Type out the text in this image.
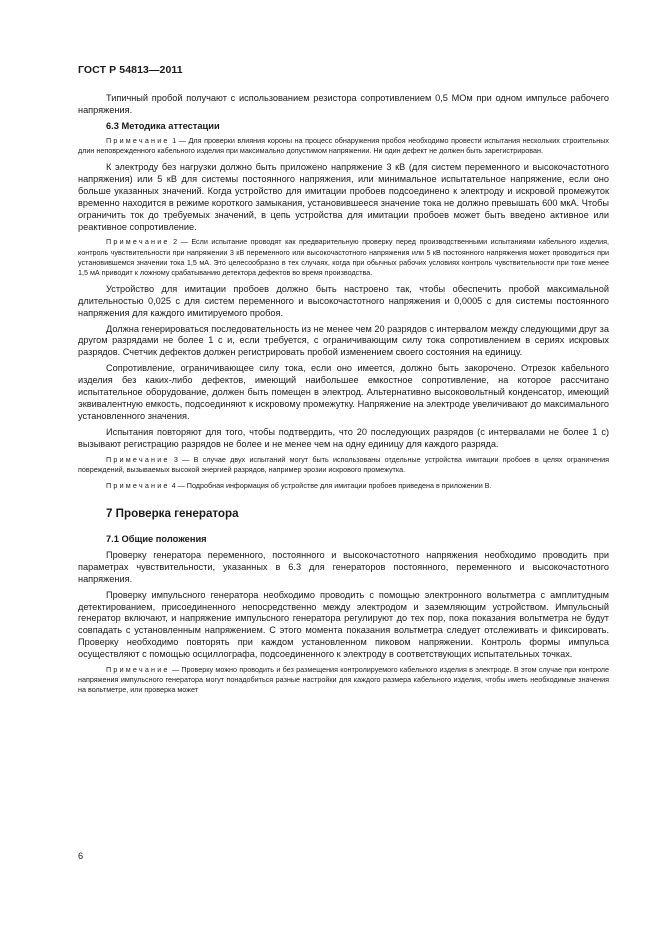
ГОСТ Р 54813—2011

Типичный пробой получают с использованием резистора сопротивлением 0,5 МОм при одном импульсе рабочего напряжения.

6.3 Методика аттестации

Примечание 1 — Для проверки влияния короны на процесс обнаружения пробоя необходимо провести испытания нескольких строительных длин неповрежденного кабельного изделия при максимально допустимом напряжении. Ни один дефект не должен быть зарегистрирован.

К электроду без нагрузки должно быть приложено напряжение 3 кВ (для систем переменного и высокочастотного напряжения) или 5 кВ для системы постоянного напряжения, или минимальное испытательное напряжение, если оно больше указанных значений. Когда устройство для имитации пробоев подсоединено к электроду и искровой промежуток временно находится в режиме короткого замыкания, установившееся значение тока не должно превышать 600 мкА. Чтобы ограничить ток до требуемых значений, в цепь устройства для имитации пробоев может быть введено активное или реактивное сопротивление.

Примечание 2 — Если испытание проводят как предварительную проверку перед производственными испытаниями кабельного изделия, контроль чувствительности при напряжении 3 кВ переменного или высокочастотного напряжения или 5 кВ постоянного напряжения может проводиться при установившемся значении тока 1,5 мА. Это целесообразно в тех случаях, когда при обычных рабочих условиях контроль чувствительности при токе менее 1,5 мА приводит к ложному срабатыванию детектора дефектов во время производства.

Устройство для имитации пробоев должно быть настроено так, чтобы обеспечить пробой максимальной длительностью 0,025 с для систем переменного и высокочастотного напряжения и 0,0005 с для системы постоянного напряжения для каждого имитируемого пробоя.

Должна генерироваться последовательность из не менее чем 20 разрядов с интервалом между следующими друг за другом разрядами не более 1 с и, если требуется, с ограничивающим силу тока сопротивлением в сериях искровых разрядов. Счетчик дефектов должен регистрировать пробой изменением своего состояния на единицу.

Сопротивление, ограничивающее силу тока, если оно имеется, должно быть закорочено. Отрезок кабельного изделия без каких-либо дефектов, имеющий наибольшее емкостное сопротивление, на которое рассчитано испытательное оборудование, должен быть помещен в электрод. Альтернативно высоковольтный конденсатор, имеющий эквивалентную емкость, подсоединяют к искровому промежутку. Напряжение на электроде увеличивают до максимального установленного значения.

Испытания повторяют для того, чтобы подтвердить, что 20 последующих разрядов (с интервалами не более 1 с) вызывают регистрацию разрядов не более и не менее чем на одну единицу для каждого разряда.

Примечание 3 — В случае двух испытаний могут быть использованы отдельные устройства имитации пробоев в целях ограничения повреждений, вызываемых высокой энергией разрядов, например эрозии искрового промежутка.

Примечание 4 — Подробная информация об устройстве для имитации пробоев приведена в приложении В.

7 Проверка генератора
7.1 Общие положения

Проверку генератора переменного, постоянного и высокочастотного напряжения необходимо проводить при параметрах чувствительности, указанных в 6.3 для генераторов постоянного, переменного и высокочастотного напряжения.

Проверку импульсного генератора необходимо проводить с помощью электронного вольтметра с амплитудным детектированием, присоединенного непосредственно между электродом и заземляющим устройством. Импульсный генератор включают, и напряжение импульсного генератора регулируют до тех пор, пока показания вольтметра не будут совпадать с установленным напряжением. С этого момента показания вольтметра следует отслеживать и фиксировать. Проверку необходимо повторять при каждом установленном пиковом напряжении. Контроль формы импульса осуществляют с помощью осциллографа, подсоединенного к электроду в соответствующих испытательных точках.

Примечание — Проверку можно проводить и без размещения контролируемого кабельного изделия в электроде. В этом случае при контроле напряжения импульсного генератора могут понадобиться разные настройки для каждого размера кабельного изделия, чтобы иметь необходимые значения на вольтметре, или проверка может

6
